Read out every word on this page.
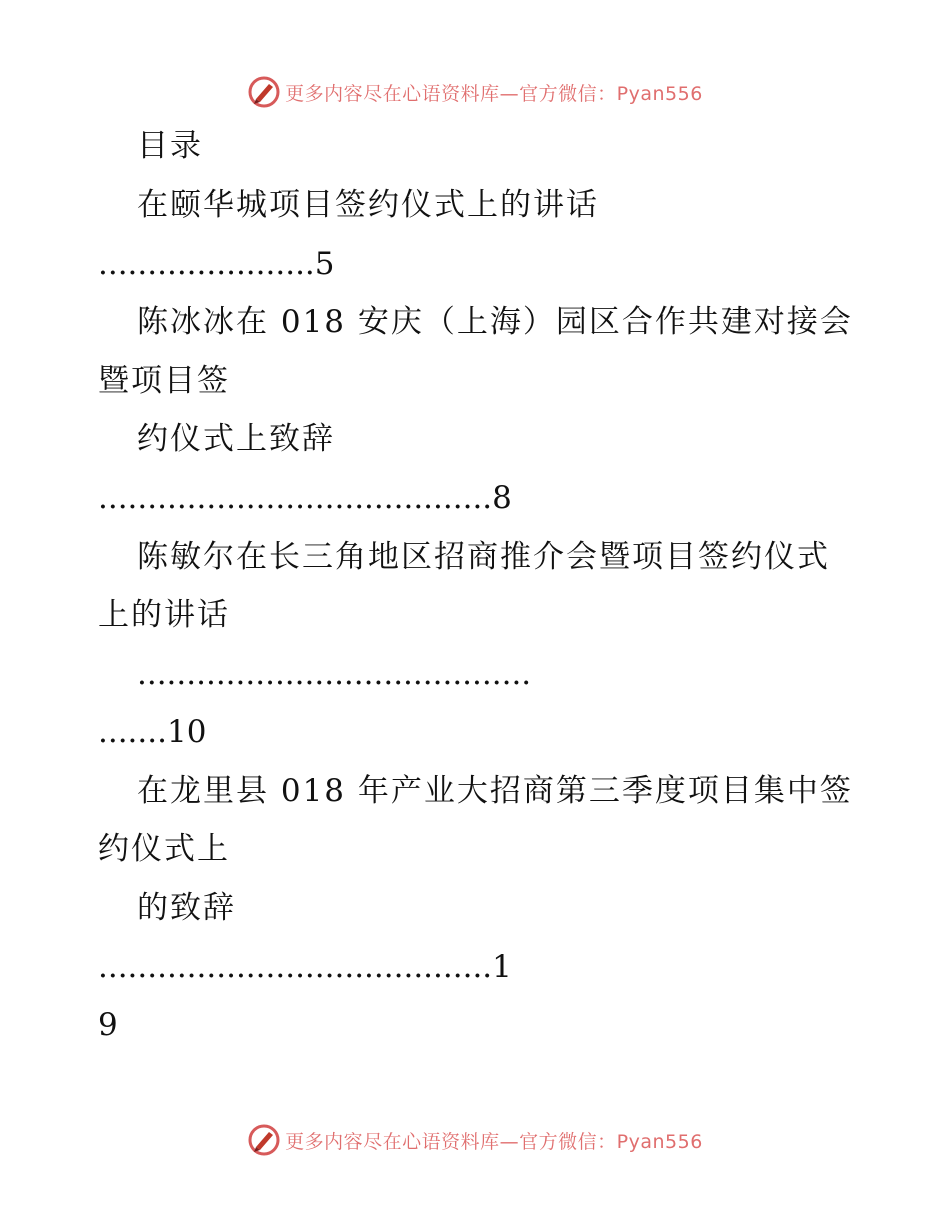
更多内容尽在心语资料库—官方微信：Pyan556
目录
在颐华城项目签约仪式上的讲话
......................5
陈冰冰在 018 安庆（上海）园区合作共建对接会
暨项目签
约仪式上致辞
........................................8
陈敏尔在长三角地区招商推介会暨项目签约仪式
上的讲话
........................................
.......10
在龙里县 018 年产业大招商第三季度项目集中签
约仪式上
的致辞
........................................1
9
更多内容尽在心语资料库—官方微信：Pyan556
